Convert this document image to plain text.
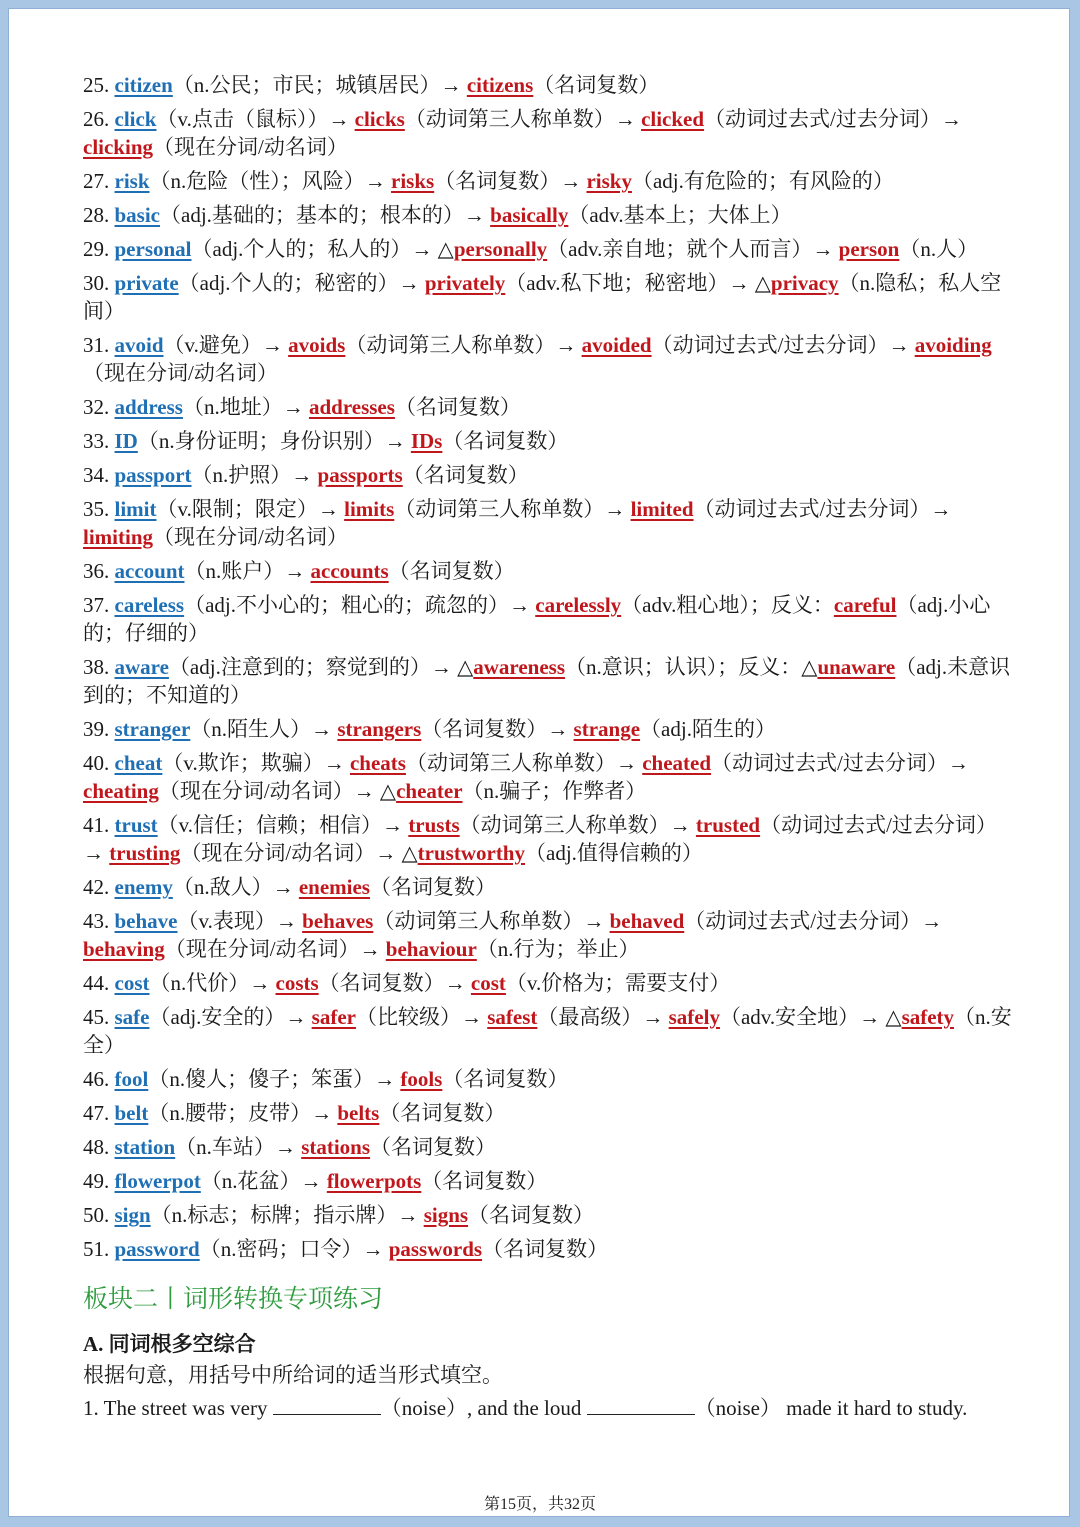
25. citizen（n.公民；市民；城镇居民）→ citizens（名词复数）
26. click（v.点击（鼠标））→ clicks（动词第三人称单数）→ clicked（动词过去式/过去分词）→ clicking（现在分词/动名词）
27. risk（n.危险（性）；风险）→ risks（名词复数）→ risky（adj.有危险的；有风险的）
28. basic（adj.基础的；基本的；根本的）→ basically（adv.基本上；大体上）
29. personal（adj.个人的；私人的）→ △personally（adv.亲自地；就个人而言）→ person（n.人）
30. private（adj.个人的；秘密的）→ privately（adv.私下地；秘密地）→ △privacy（n.隐私；私人空间）
31. avoid（v.避免）→ avoids（动词第三人称单数）→ avoided（动词过去式/过去分词）→ avoiding（现在分词/动名词）
32. address（n.地址）→ addresses（名词复数）
33. ID（n.身份证明；身份识别）→ IDs（名词复数）
34. passport（n.护照）→ passports（名词复数）
35. limit（v.限制；限定）→ limits（动词第三人称单数）→ limited（动词过去式/过去分词）→ limiting（现在分词/动名词）
36. account（n.账户）→ accounts（名词复数）
37. careless（adj.不小心的；粗心的；疏忽的）→ carelessly（adv.粗心地）；反义：careful（adj.小心的；仔细的）
38. aware（adj.注意到的；察觉到的）→ △awareness（n.意识；认识）；反义：△unaware（adj.未意识到的；不知道的）
39. stranger（n.陌生人）→ strangers（名词复数）→ strange（adj.陌生的）
40. cheat（v.欺诈；欺骗）→ cheats（动词第三人称单数）→ cheated（动词过去式/过去分词）→ cheating（现在分词/动名词）→ △cheater（n.骗子；作弊者）
41. trust（v.信任；信赖；相信）→ trusts（动词第三人称单数）→ trusted（动词过去式/过去分词）→ trusting（现在分词/动名词）→ △trustworthy（adj.值得信赖的）
42. enemy（n.敌人）→ enemies（名词复数）
43. behave（v.表现）→ behaves（动词第三人称单数）→ behaved（动词过去式/过去分词）→ behaving（现在分词/动名词）→ behaviour（n.行为；举止）
44. cost（n.代价）→ costs（名词复数）→ cost（v.价格为；需要支付）
45. safe（adj.安全的）→ safer（比较级）→ safest（最高级）→ safely（adv.安全地）→ △safety（n.安全）
46. fool（n.傻人；傻子；笨蛋）→ fools（名词复数）
47. belt（n.腰带；皮带）→ belts（名词复数）
48. station（n.车站）→ stations（名词复数）
49. flowerpot（n.花盆）→ flowerpots（名词复数）
50. sign（n.标志；标牌；指示牌）→ signs（名词复数）
51. password（n.密码；口令）→ passwords（名词复数）
板块二丨词形转换专项练习
A. 同词根多空综合
根据句意，用括号中所给词的适当形式填空。
1. The street was very	（noise）, and the loud	（noise） made it hard to study.
第15页，共32页
